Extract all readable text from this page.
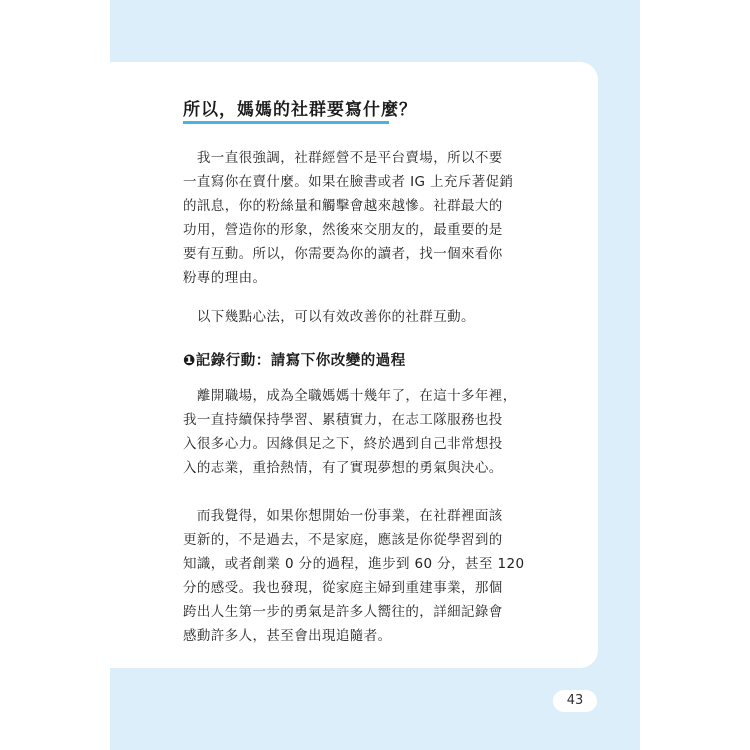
所以，媽媽的社群要寫什麼？
　我一直很強調，社群經營不是平台賣場，所以不要
一直寫你在賣什麼。如果在臉書或者 IG 上充斥著促銷
的訊息，你的粉絲量和觸擊會越來越慘。社群最大的
功用，營造你的形象，然後來交朋友的，最重要的是
要有互動。所以，你需要為你的讀者，找一個來看你
粉專的理由。
　以下幾點心法，可以有效改善你的社群互動。
❶記錄行動：請寫下你改變的過程
　離開職場，成為全職媽媽十幾年了，在這十多年裡，
我一直持續保持學習、累積實力，在志工隊服務也投
入很多心力。因緣俱足之下，終於遇到自己非常想投
入的志業，重拾熱情，有了實現夢想的勇氣與決心。
　而我覺得，如果你想開始一份事業，在社群裡面該
更新的，不是過去，不是家庭，應該是你從學習到的
知識，或者創業 0 分的過程，進步到 60 分，甚至 120
分的感受。我也發現，從家庭主婦到重建事業，那個
跨出人生第一步的勇氣是許多人嚮往的，詳細記錄會
感動許多人，甚至會出現追隨者。
43
